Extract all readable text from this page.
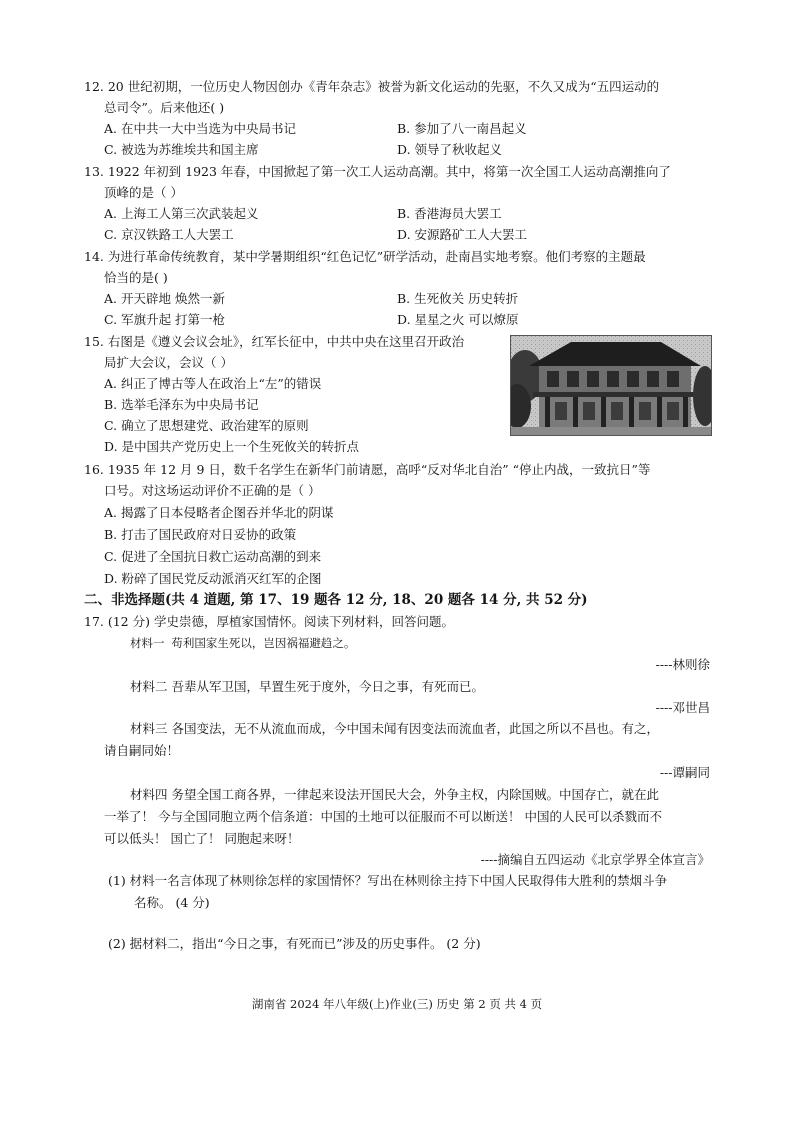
12. 20 世纪初期，一位历史人物因创办《青年杂志》被誉为新文化运动的先驱，不久又成为“五四运动的
总司令”。后来他还( )
A. 在中共一大中当选为中央局书记	B. 参加了八一南昌起义
C. 被选为苏维埃共和国主席	D. 领导了秋收起义
13. 1922 年初到 1923 年春，中国掀起了第一次工人运动高潮。其中，将第一次全国工人运动高潮推向了
顶峰的是（ ）
A. 上海工人第三次武装起义	B. 香港海员大罢工
C. 京汉铁路工人大罢工	D. 安源路矿工人大罢工
14. 为进行革命传统教育，某中学暑期组织“红色记忆”研学活动，赴南昌实地考察。他们考察的主题最
恰当的是( )
A. 开天辟地 焕然一新	B. 生死攸关 历史转折
C. 军旗升起 打第一枪	D. 星星之火 可以燎原
15. 右图是《遵义会议会址》，红军长征中，中共中央在这里召开政治
局扩大会议，会议（ ）
A. 纠正了博古等人在政治上“左”的错误
B. 选举毛泽东为中央局书记
C. 确立了思想建党、政治建军的原则
D. 是中国共产党历史上一个生死攸关的转折点
16. 1935 年 12 月 9 日，数千名学生在新华门前请愿，高呼“反对华北自治” “停止内战，一致抗日”等
口号。对这场运动评价不正确的是（ ）
A. 揭露了日本侵略者企图吞并华北的阴谋
B. 打击了国民政府对日妥协的政策
C. 促进了全国抗日救亡运动高潮的到来
D. 粉碎了国民党反动派消灭红军的企图
二、非选择题(共 4 道题, 第 17、19 题各 12 分, 18、20 题各 14 分, 共 52 分)
17. (12 分) 学史崇德，厚植家国情怀。阅读下列材料，回答问题。
材料一 苟利国家生死以，岂因祸福避趋之。
----林则徐
材料二 吾辈从军卫国，早置生死于度外，今日之事，有死而已。
----邓世昌
材料三 各国变法，无不从流血而成，今中国未闻有因变法而流血者，此国之所以不昌也。有之，
请自嗣同始！
---谭嗣同
材料四 务望全国工商各界，一律起来设法开国民大会，外争主权，内除国贼。中国存亡，就在此
一举了！ 今与全国同胞立两个信条道：中国的土地可以征服而不可以断送！ 中国的人民可以杀戮而不
可以低头！ 国亡了！ 同胞起来呀！
----摘编自五四运动《北京学界全体宣言》
(1) 材料一名言体现了林则徐怎样的家国情怀？写出在林则徐主持下中国人民取得伟大胜利的禁烟斗争
名称。 (4 分)
(2) 据材料二，指出“今日之事，有死而已”涉及的历史事件。 (2 分)
湖南省 2024 年八年级(上)作业(三) 历史 第 2 页 共 4 页
